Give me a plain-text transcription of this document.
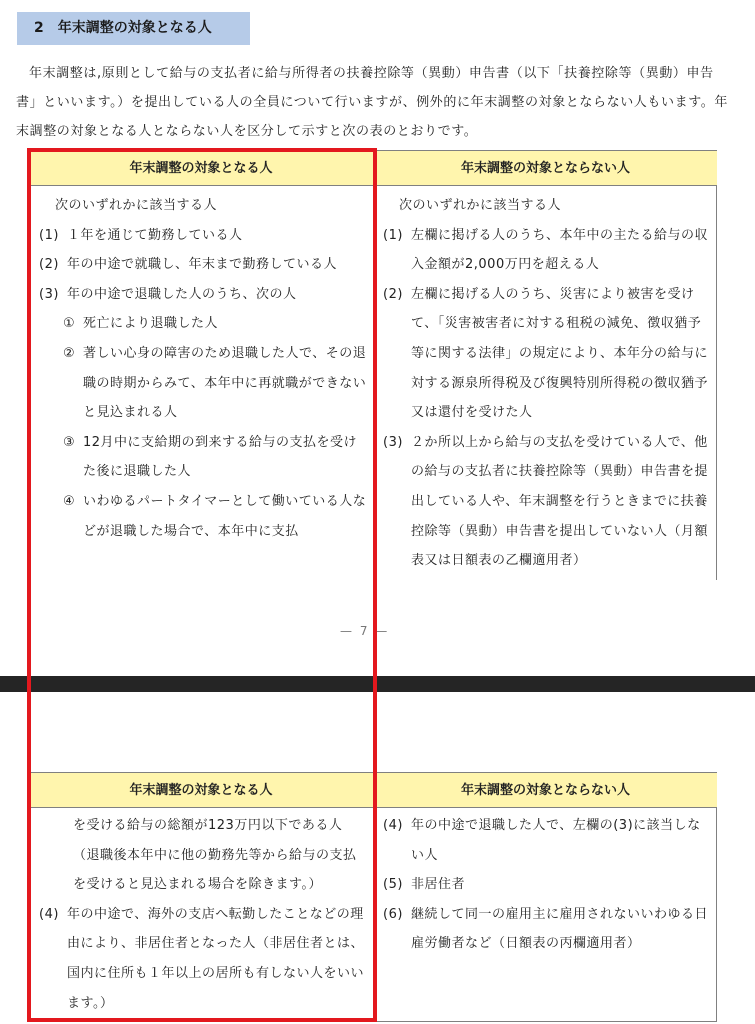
2　 年末調整の対象となる人

年末調整は,原則として給与の支払者に給与所得者の扶養控除等（異動）申告書（以下「扶養控除等（異動）申告書」といいます。）を提出している人の全員について行いますが、例外的に年末調整の対象とならない人もいます。年末調整の対象となる人とならない人を区分して示すと次の表のとおりです。

年末調整の対象となる人	年末調整の対象とならない人

次のいずれかに該当する人

(1) １年を通じて勤務している人

(2) 年の中途で就職し、年末まで勤務している人

(3) 年の中途で退職した人のうち、次の人

① 死亡により退職した人

② 著しい心身の障害のため退職した人で、その退職の時期からみて、本年中に再就職ができないと見込まれる人

③ 12月中に支給期の到来する給与の支払を受けた後に退職した人

④ いわゆるパートタイマーとして働いている人などが退職した場合で、本年中に支払

次のいずれかに該当する人

(1) 左欄に掲げる人のうち、本年中の主たる給与の収入金額が2,000万円を超える人

(2) 左欄に掲げる人のうち、災害により被害を受けて、「災害被害者に対する租税の減免、徴収猶予等に関する法律」の規定により、本年分の給与に対する源泉所得税及び復興特別所得税の徴収猶予又は還付を受けた人

(3) ２か所以上から給与の支払を受けている人で、他の給与の支払者に扶養控除等（異動）申告書を提出している人や、年末調整を行うときまでに扶養控除等（異動）申告書を提出していない人（月額表又は日額表の乙欄適用者）

— 7 —
年末調整の対象となる人	年末調整の対象とならない人

を受ける給与の総額が123万円以下である人（退職後本年中に他の勤務先等から給与の支払を受けると見込まれる場合を除きます。）

(4) 年の中途で、海外の支店へ転勤したことなどの理由により、非居住者となった人（非居住者とは、国内に住所も１年以上の居所も有しない人をいいます。）

(4) 年の中途で退職した人で、左欄の(3)に該当しない人

(5) 非居住者

(6) 継続して同一の雇用主に雇用されないいわゆる日雇労働者など（日額表の丙欄適用者）
